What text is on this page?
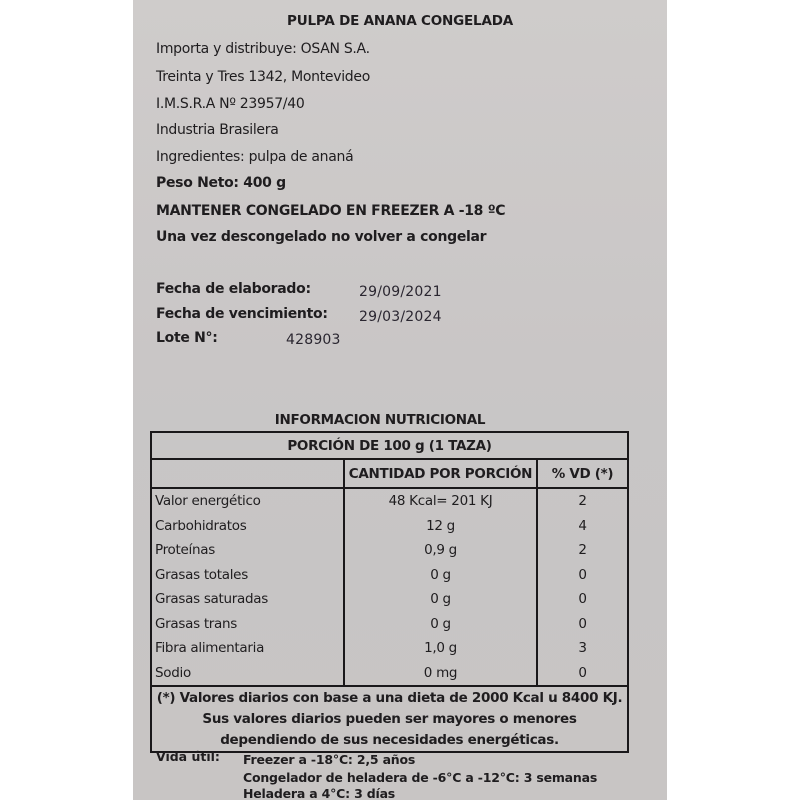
PULPA DE ANANA CONGELADA
Importa y distribuye: OSAN S.A.
Treinta y Tres 1342, Montevideo
I.M.S.R.A Nº 23957/40
Industria Brasilera
Ingredientes: pulpa de ananá
Peso Neto: 400 g
MANTENER CONGELADO EN FREEZER A -18 ºC
Una vez descongelado no volver a congelar
Fecha de elaborado:	29/09/2021
Fecha de vencimiento: 29/03/2024
Lote N°:	428903
INFORMACION NUTRICIONAL
PORCIÓN DE 100 g (1 TAZA)		
	CANTIDAD POR PORCIÓN	% VD (*)
Valor energético	48 Kcal= 201 KJ	2
Carbohidratos	12 g	4
Proteínas	0,9 g	2
Grasas totales	0 g	0
Grasas saturadas	0 g	0
Grasas trans	0 g	0
Fibra alimentaria	1,0 g	3
Sodio	0 mg	0

(*) Valores diarios con base a una dieta de 2000 Kcal u 8400 KJ.
Sus valores diarios pueden ser mayores o menores
dependiendo de sus necesidades energéticas.		
Vida útil: Freezer a -18°C: 2,5 años
Congelador de heladera de -6°C a -12°C: 3 semanas
Heladera a 4°C: 3 días
